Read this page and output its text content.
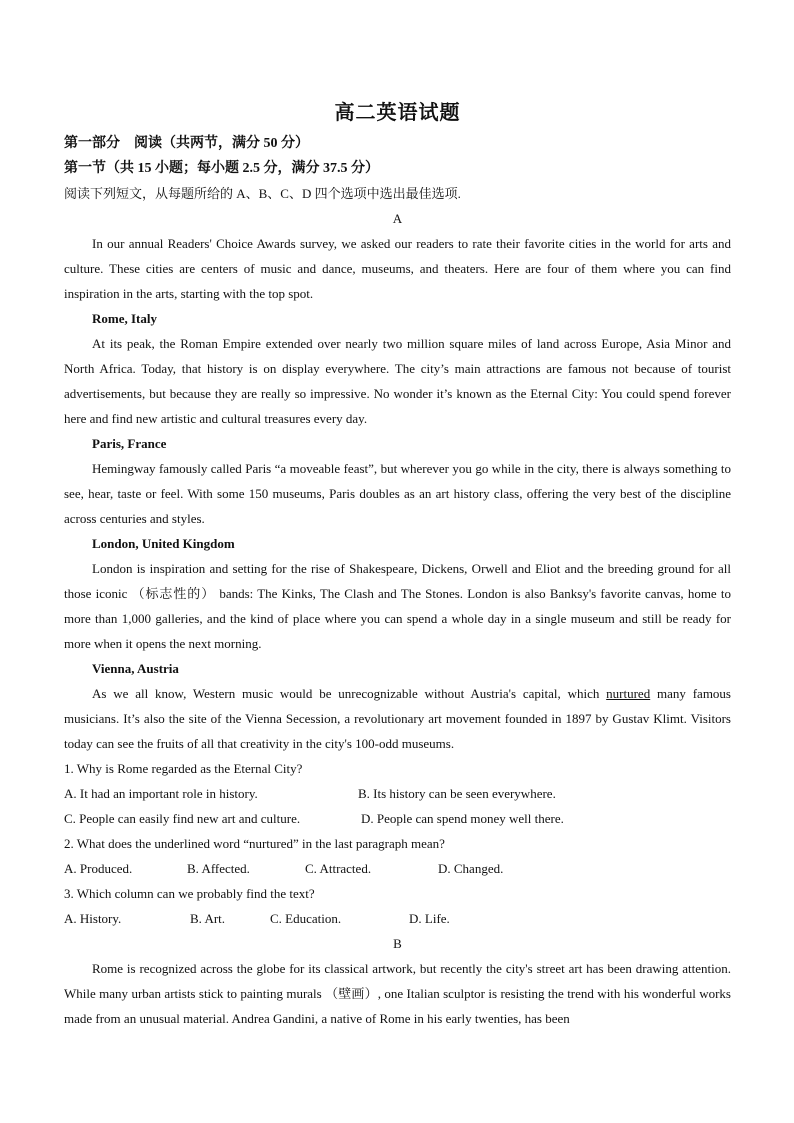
高二英语试题

第一部分　阅读（共两节，满分 50 分）

第一节（共 15 小题；每小题 2.5 分，满分 37.5 分）

阅读下列短文，从每题所给的 A、B、C、D 四个选项中选出最佳选项.

A

In our annual Readers' Choice Awards survey, we asked our readers to rate their favorite cities in the world for arts and culture. These cities are centers of music and dance, museums, and theaters. Here are four of them where you can find inspiration in the arts, starting with the top spot.

Rome, Italy

At its peak, the Roman Empire extended over nearly two million square miles of land across Europe, Asia Minor and North Africa. Today, that history is on display everywhere. The city’s main attractions are famous not because of tourist advertisements, but because they are really so impressive. No wonder it’s known as the Eternal City: You could spend forever here and find new artistic and cultural treasures every day.

Paris, France

Hemingway famously called Paris “a moveable feast”, but wherever you go while in the city, there is always something to see, hear, taste or feel. With some 150 museums, Paris doubles as an art history class, offering the very best of the discipline across centuries and styles.

London, United Kingdom

London is inspiration and setting for the rise of Shakespeare, Dickens, Orwell and Eliot and the breeding ground for all those iconic （标志性的） bands: The Kinks, The Clash and The Stones. London is also Banksy's favorite canvas, home to more than 1,000 galleries, and the kind of place where you can spend a whole day in a single museum and still be ready for more when it opens the next morning.

Vienna, Austria

As we all know, Western music would be unrecognizable without Austria's capital, which nurtured many famous musicians. It’s also the site of the Vienna Secession, a revolutionary art movement founded in 1897 by Gustav Klimt. Visitors today can see the fruits of all that creativity in the city's 100-odd museums.

1. Why is Rome regarded as the Eternal City?

A. It had an important role in history.	B. Its history can be seen everywhere.

C. People can easily find new art and culture.	D. People can spend money well there.

2. What does the underlined word “nurtured” in the last paragraph mean?

A. Produced.	B. Affected.	C. Attracted.	D. Changed.

3. Which column can we probably find the text?

A. History.	B. Art.	C. Education.	D. Life.

B

Rome is recognized across the globe for its classical artwork, but recently the city's street art has been drawing attention. While many urban artists stick to painting murals （壁画）, one Italian sculptor is resisting the trend with his wonderful works made from an unusual material. Andrea Gandini, a native of Rome in his early twenties, has been
